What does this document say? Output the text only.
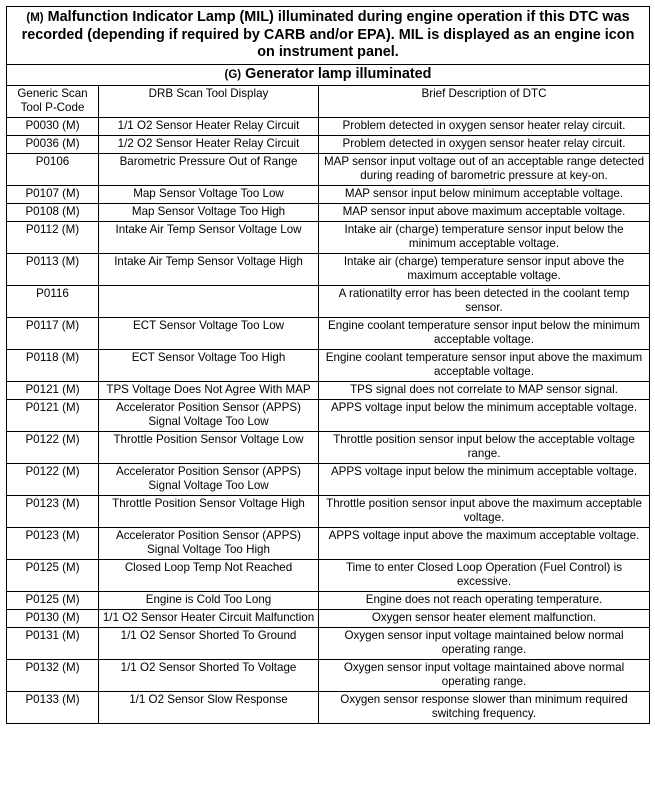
(M) Malfunction Indicator Lamp (MIL) illuminated during engine operation if this DTC was recorded (depending if required by CARB and/or EPA). MIL is displayed as an engine icon on instrument panel.		
(G) Generator lamp illuminated		
Generic Scan Tool P-Code	DRB Scan Tool Display	Brief Description of DTC
P0030 (M)	1/1 O2 Sensor Heater Relay Circuit	Problem detected in oxygen sensor heater relay circuit.
P0036 (M)	1/2 O2 Sensor Heater Relay Circuit	Problem detected in oxygen sensor heater relay circuit.
P0106	Barometric Pressure Out of Range	MAP sensor input voltage out of an acceptable range detected during reading of barometric pressure at key-on.
P0107 (M)	Map Sensor Voltage Too Low	MAP sensor input below minimum acceptable voltage.
P0108 (M)	Map Sensor Voltage Too High	MAP sensor input above maximum acceptable voltage.
P0112 (M)	Intake Air Temp Sensor Voltage Low	Intake air (charge) temperature sensor input below the minimum acceptable voltage.
P0113 (M)	Intake Air Temp Sensor Voltage High	Intake air (charge) temperature sensor input above the maximum acceptable voltage.
P0116		A rationatilty error has been detected in the coolant temp sensor.
P0117 (M)	ECT Sensor Voltage Too Low	Engine coolant temperature sensor input below the minimum acceptable voltage.
P0118 (M)	ECT Sensor Voltage Too High	Engine coolant temperature sensor input above the maximum acceptable voltage.
P0121 (M)	TPS Voltage Does Not Agree With MAP	TPS signal does not correlate to MAP sensor signal.
P0121 (M)	Accelerator Position Sensor (APPS) Signal Voltage Too Low	APPS voltage input below the minimum acceptable voltage.
P0122 (M)	Throttle Position Sensor Voltage Low	Throttle position sensor input below the acceptable voltage range.
P0122 (M)	Accelerator Position Sensor (APPS) Signal Voltage Too Low	APPS voltage input below the minimum acceptable voltage.
P0123 (M)	Throttle Position Sensor Voltage High	Throttle position sensor input above the maximum acceptable voltage.
P0123 (M)	Accelerator Position Sensor (APPS) Signal Voltage Too High	APPS voltage input above the maximum acceptable voltage.
P0125 (M)	Closed Loop Temp Not Reached	Time to enter Closed Loop Operation (Fuel Control) is excessive.
P0125 (M)	Engine is Cold Too Long	Engine does not reach operating temperature.
P0130 (M)	1/1 O2 Sensor Heater Circuit Malfunction	Oxygen sensor heater element malfunction.
P0131 (M)	1/1 O2 Sensor Shorted To Ground	Oxygen sensor input voltage maintained below normal operating range.
P0132 (M)	1/1 O2 Sensor Shorted To Voltage	Oxygen sensor input voltage maintained above normal operating range.
P0133 (M)	1/1 O2 Sensor Slow Response	Oxygen sensor response slower than minimum required switching frequency.
